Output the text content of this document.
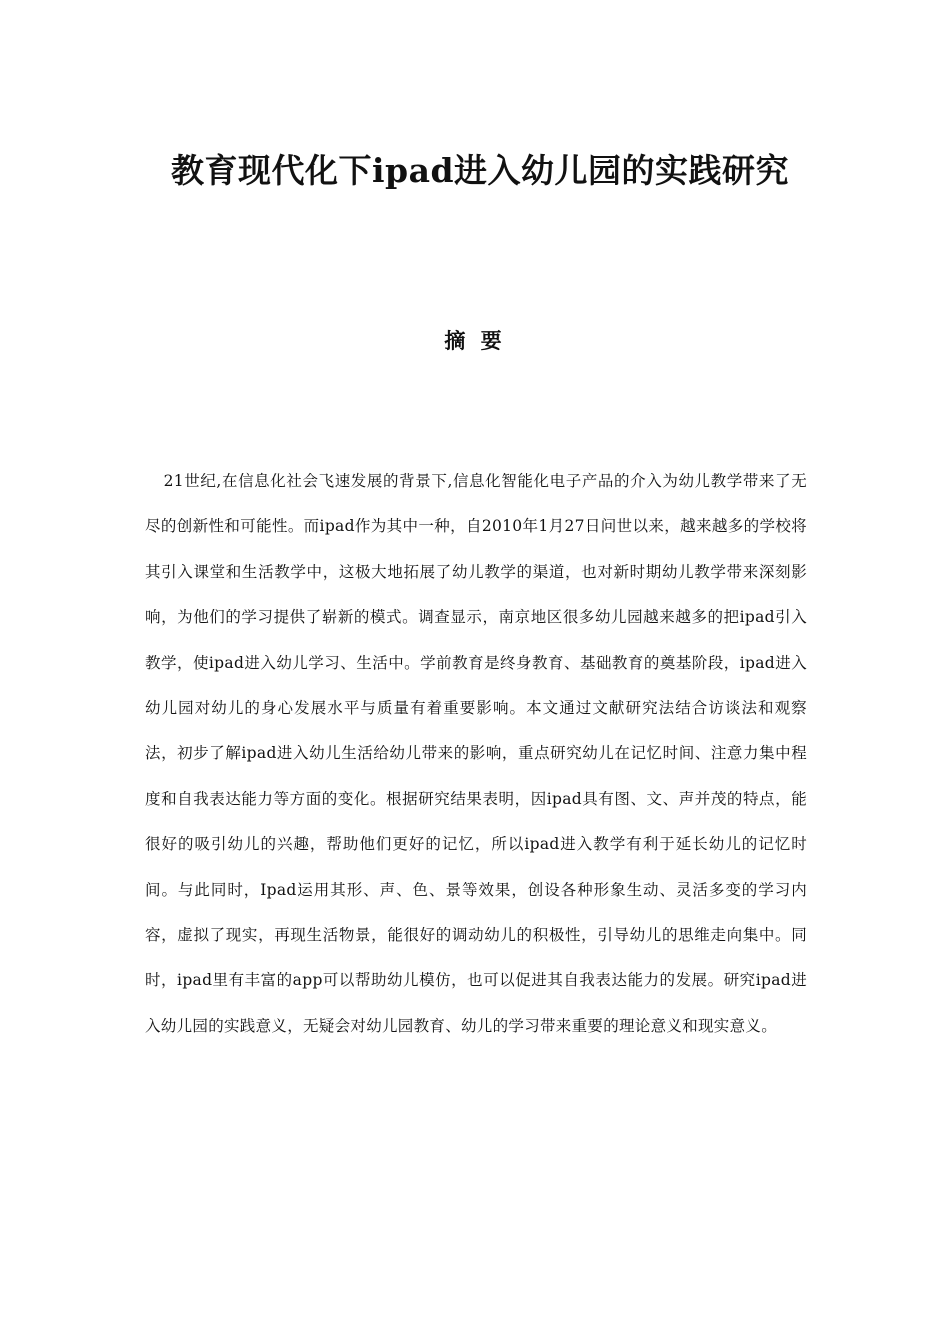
教育现代化下ipad进入幼儿园的实践研究
摘 要

21世纪,在信息化社会飞速发展的背景下,信息化智能化电子产品的介入为幼儿教学带来了无尽的创新性和可能性。而ipad作为其中一种，自2010年1月27日问世以来，越来越多的学校将其引入课堂和生活教学中，这极大地拓展了幼儿教学的渠道，也对新时期幼儿教学带来深刻影响，为他们的学习提供了崭新的模式。调查显示，南京地区很多幼儿园越来越多的把ipad引入教学，使ipad进入幼儿学习、生活中。学前教育是终身教育、基础教育的奠基阶段，ipad进入幼儿园对幼儿的身心发展水平与质量有着重要影响。本文通过文献研究法结合访谈法和观察法，初步了解ipad进入幼儿生活给幼儿带来的影响，重点研究幼儿在记忆时间、注意力集中程度和自我表达能力等方面的变化。根据研究结果表明，因ipad具有图、文、声并茂的特点，能很好的吸引幼儿的兴趣，帮助他们更好的记忆，所以ipad进入教学有利于延长幼儿的记忆时间。与此同时，Ipad运用其形、声、色、景等效果，创设各种形象生动、灵活多变的学习内容，虚拟了现实，再现生活物景，能很好的调动幼儿的积极性，引导幼儿的思维走向集中。同时，ipad里有丰富的app可以帮助幼儿模仿，也可以促进其自我表达能力的发展。研究ipad进入幼儿园的实践意义，无疑会对幼儿园教育、幼儿的学习带来重要的理论意义和现实意义。
